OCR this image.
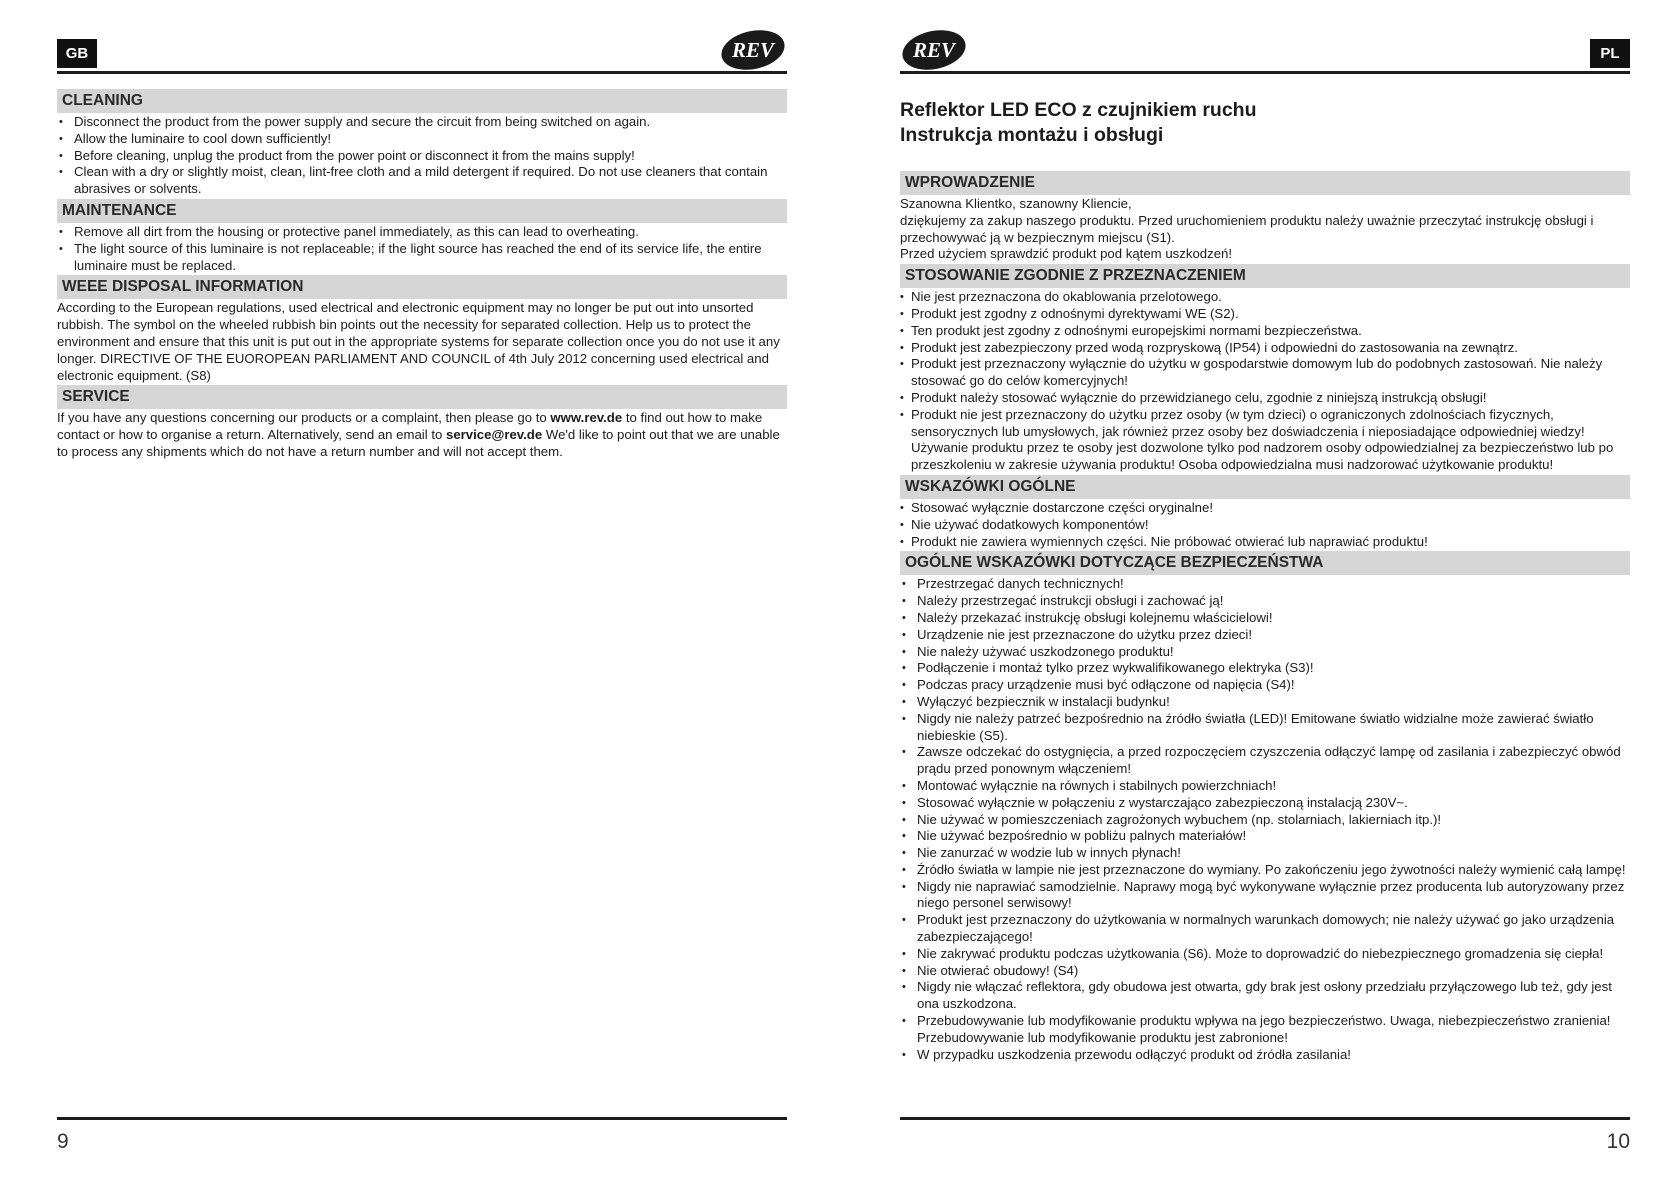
GB	REV
CLEANING
• Disconnect the product from the power supply and secure the circuit from being switched on again.
• Allow the luminaire to cool down sufficiently!
• Before cleaning, unplug the product from the power point or disconnect it from the mains supply!
• Clean with a dry or slightly moist, clean, lint-free cloth and a mild detergent if required. Do not use cleaners that contain abrasives or solvents.
MAINTENANCE
• Remove all dirt from the housing or protective panel immediately, as this can lead to overheating.
• The light source of this luminaire is not replaceable; if the light source has reached the end of its service life, the entire luminaire must be replaced.
WEEE DISPOSAL INFORMATION

According to the European regulations, used electrical and electronic equipment may no longer be put out into unsorted rubbish. The symbol on the wheeled rubbish bin points out the necessity for separated collection. Help us to protect the environment and ensure that this unit is put out in the appropriate systems for separate collection once you do not use it any longer. DIRECTIVE OF THE EUOROPEAN PARLIAMENT AND COUNCIL of 4th July 2012 concerning used electrical and electronic equipment. (S8)

SERVICE

If you have any questions concerning our products or a complaint, then please go to www.rev.de to find out how to make contact or how to organise a return. Alternatively, send an email to service@rev.de We'd like to point out that we are unable to process any shipments which do not have a return number and will not accept them.

9
REV	PL
Reflektor LED ECO z czujnikiem ruchu
Instrukcja montażu i obsługi
WPROWADZENIE

Szanowna Klientko, szanowny Kliencie,

dziękujemy za zakup naszego produktu. Przed uruchomieniem produktu należy uważnie przeczytać instrukcję obsługi i przechowywać ją w bezpiecznym miejscu (S1).

Przed użyciem sprawdzić produkt pod kątem uszkodzeń!

STOSOWANIE ZGODNIE Z PRZEZNACZENIEM
• Nie jest przeznaczona do okablowania przelotowego.
• Produkt jest zgodny z odnośnymi dyrektywami WE (S2).
• Ten produkt jest zgodny z odnośnymi europejskimi normami bezpieczeństwa.
• Produkt jest zabezpieczony przed wodą rozpryskową (IP54) i odpowiedni do zastosowania na zewnątrz.
• Produkt jest przeznaczony wyłącznie do użytku w gospodarstwie domowym lub do podobnych zastosowań. Nie należy stosować go do celów komercyjnych!
• Produkt należy stosować wyłącznie do przewidzianego celu, zgodnie z niniejszą instrukcją obsługi!
• Produkt nie jest przeznaczony do użytku przez osoby (w tym dzieci) o ograniczonych zdolnościach fizycznych, sensorycznych lub umysłowych, jak również przez osoby bez doświadczenia i nieposiadające odpowiedniej wiedzy! Używanie produktu przez te osoby jest dozwolone tylko pod nadzorem osoby odpowiedzialnej za bezpieczeństwo lub po przeszkoleniu w zakresie używania produktu! Osoba odpowiedzialna musi nadzorować użytkowanie produktu!
WSKAZÓWKI OGÓLNE
• Stosować wyłącznie dostarczone części oryginalne!
• Nie używać dodatkowych komponentów!
• Produkt nie zawiera wymiennych części. Nie próbować otwierać lub naprawiać produktu!
OGÓLNE WSKAZÓWKI DOTYCZĄCE BEZPIECZEŃSTWA
• Przestrzegać danych technicznych!
• Należy przestrzegać instrukcji obsługi i zachować ją!
• Należy przekazać instrukcję obsługi kolejnemu właścicielowi!
• Urządzenie nie jest przeznaczone do użytku przez dzieci!
• Nie należy używać uszkodzonego produktu!
• Podłączenie i montaż tylko przez wykwalifikowanego elektryka (S3)!
• Podczas pracy urządzenie musi być odłączone od napięcia (S4)!
• Wyłączyć bezpiecznik w instalacji budynku!
• Nigdy nie należy patrzeć bezpośrednio na źródło światła (LED)! Emitowane światło widzialne może zawierać światło niebieskie (S5).
• Zawsze odczekać do ostygnięcia, a przed rozpoczęciem czyszczenia odłączyć lampę od zasilania i zabezpieczyć obwód prądu przed ponownym włączeniem!
• Montować wyłącznie na równych i stabilnych powierzchniach!
• Stosować wyłącznie w połączeniu z wystarczająco zabezpieczoną instalacją 230V~.
• Nie używać w pomieszczeniach zagrożonych wybuchem (np. stolarniach, lakierniach itp.)!
• Nie używać bezpośrednio w pobliżu palnych materiałów!
• Nie zanurzać w wodzie lub w innych płynach!
• Źródło światła w lampie nie jest przeznaczone do wymiany. Po zakończeniu jego żywotności należy wymienić całą lampę!
• Nigdy nie naprawiać samodzielnie. Naprawy mogą być wykonywane wyłącznie przez producenta lub autoryzowany przez niego personel serwisowy!
• Produkt jest przeznaczony do użytkowania w normalnych warunkach domowych; nie należy używać go jako urządzenia zabezpieczającego!
• Nie zakrywać produktu podczas użytkowania (S6). Może to doprowadzić do niebezpiecznego gromadzenia się ciepła!
• Nie otwierać obudowy! (S4)
• Nigdy nie włączać reflektora, gdy obudowa jest otwarta, gdy brak jest osłony przedziału przyłączowego lub też, gdy jest ona uszkodzona.
• Przebudowywanie lub modyfikowanie produktu wpływa na jego bezpieczeństwo. Uwaga, niebezpieczeństwo zranienia! Przebudowywanie lub modyfikowanie produktu jest zabronione!
• W przypadku uszkodzenia przewodu odłączyć produkt od źródła zasilania!
10
